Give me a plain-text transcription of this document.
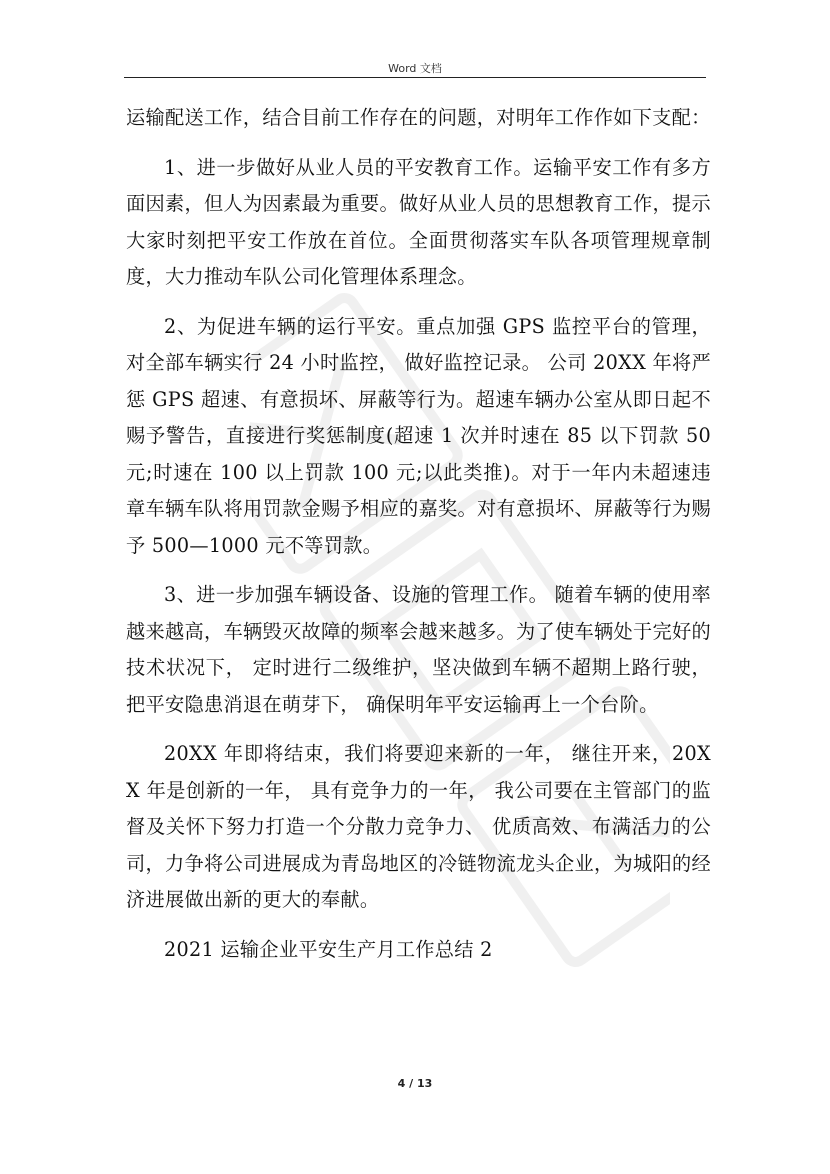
Word 文档

运输配送工作，结合目前工作存在的问题，对明年工作作如下支配：

1、进一步做好从业人员的平安教育工作。运输平安工作有多方面因素，但人为因素最为重要。做好从业人员的思想教育工作，提示大家时刻把平安工作放在首位。全面贯彻落实车队各项管理规章制度，大力推动车队公司化管理体系理念。

2、为促进车辆的运行平安。重点加强 GPS 监控平台的管理，对全部车辆实行 24 小时监控， 做好监控记录。 公司 20XX 年将严惩 GPS 超速、有意损坏、屏蔽等行为。超速车辆办公室从即日起不赐予警告，直接进行奖惩制度(超速 1 次并时速在 85 以下罚款 50 元;时速在 100 以上罚款 100 元;以此类推)。对于一年内未超速违章车辆车队将用罚款金赐予相应的嘉奖。对有意损坏、屏蔽等行为赐予 500—1000 元不等罚款。

3、进一步加强车辆设备、设施的管理工作。 随着车辆的使用率越来越高，车辆毁灭故障的频率会越来越多。为了使车辆处于完好的技术状况下， 定时进行二级维护，坚决做到车辆不超期上路行驶，把平安隐患消退在萌芽下， 确保明年平安运输再上一个台阶。

20XX 年即将结束，我们将要迎来新的一年， 继往开来，20XX 年是创新的一年， 具有竞争力的一年， 我公司要在主管部门的监督及关怀下努力打造一个分散力竞争力、 优质高效、布满活力的公司，力争将公司进展成为青岛地区的冷链物流龙头企业，为城阳的经济进展做出新的更大的奉献。

2021 运输企业平安生产月工作总结 2

4 / 13
